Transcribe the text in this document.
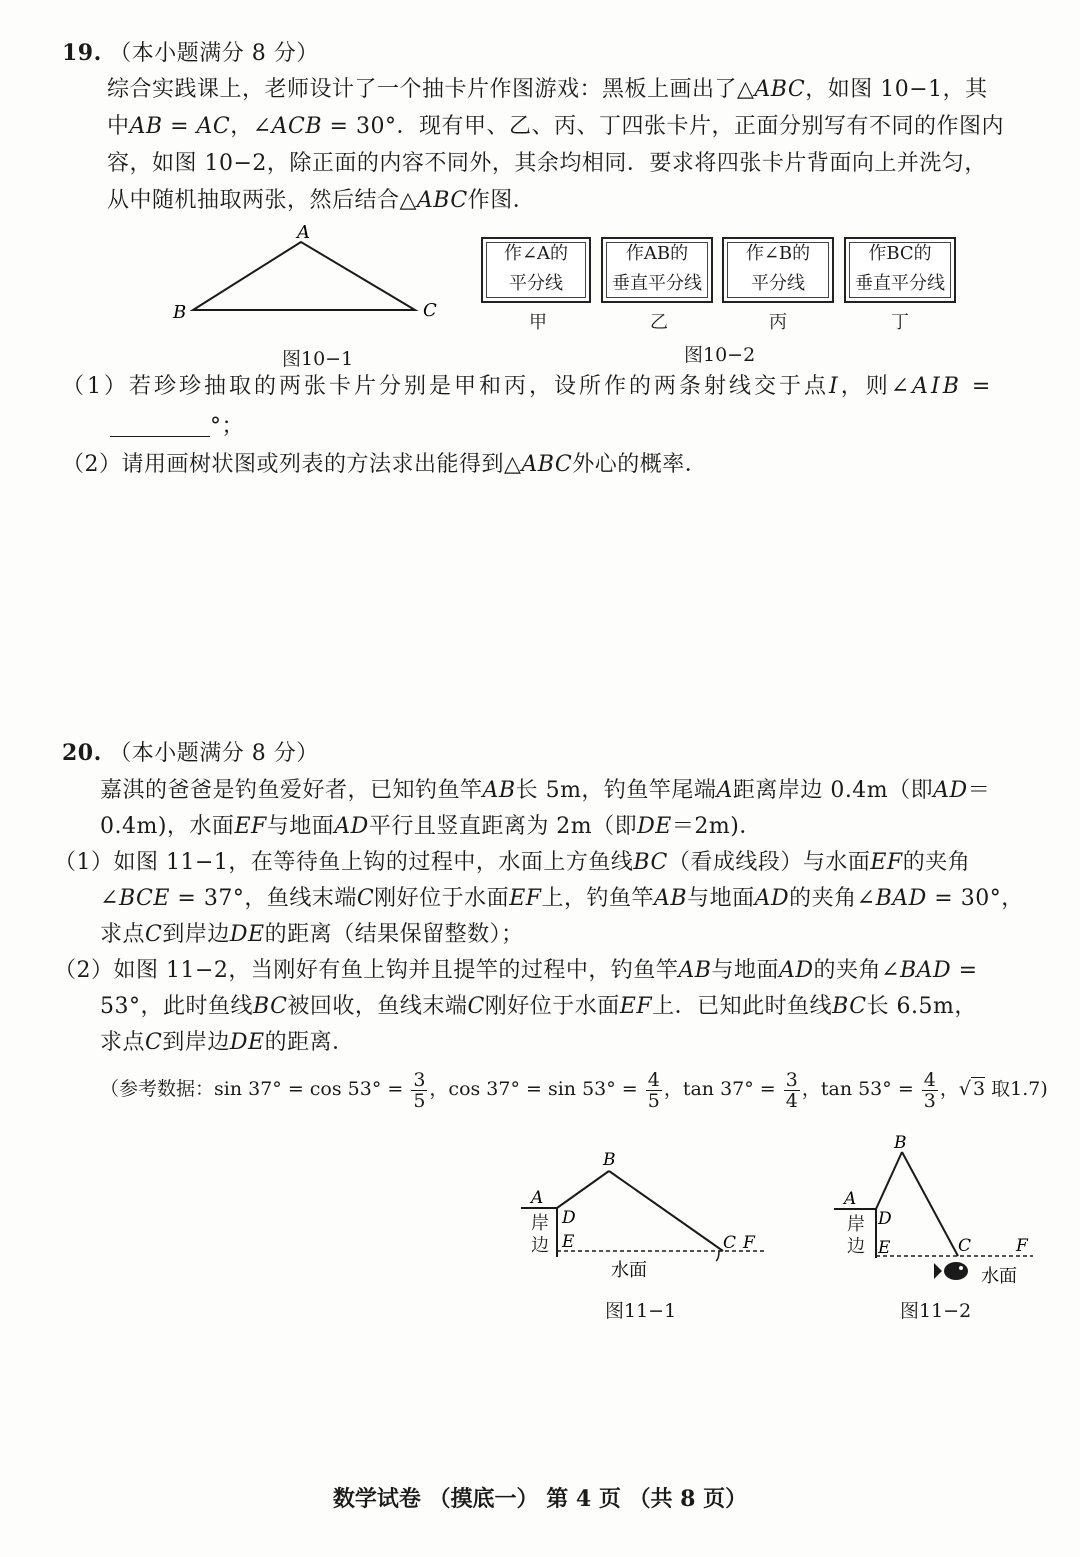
19. （本小题满分 8 分）
综合实践课上，老师设计了一个抽卡片作图游戏：黑板上画出了△ABC，如图 10−1，其
中AB = AC，∠ACB = 30°．现有甲、乙、丙、丁四张卡片，正面分别写有不同的作图内
容，如图 10−2，除正面的内容不同外，其余均相同．要求将四张卡片背面向上并洗匀，
从中随机抽取两张，然后结合△ABC作图．
A
B	C
图10−1
作∠A的
平分线
作AB的
垂直平分线
作∠B的
平分线
作BC的
垂直平分线
甲	乙	丙	丁
图10−2
（1）若珍珍抽取的两张卡片分别是甲和丙，设所作的两条射线交于点I，则∠AIB =
°；
（2）请用画树状图或列表的方法求出能得到△ABC外心的概率．
20. （本小题满分 8 分）
嘉淇的爸爸是钓鱼爱好者，已知钓鱼竿AB长 5m，钓鱼竿尾端A距离岸边 0.4m（即AD＝
0.4m)，水面EF与地面AD平行且竖直距离为 2m（即DE＝2m)．
（1）如图 11−1，在等待鱼上钩的过程中，水面上方鱼线BC（看成线段）与水面EF的夹角
∠BCE = 37°，鱼线末端C刚好位于水面EF上，钓鱼竿AB与地面AD的夹角∠BAD = 30°，
求点C到岸边DE的距离（结果保留整数）；
（2）如图 11−2，当刚好有鱼上钩并且提竿的过程中，钓鱼竿AB与地面AD的夹角∠BAD =
53°，此时鱼线BC被回收，鱼线末端C刚好位于水面EF上．已知此时鱼线BC长 6.5m，
求点C到岸边DE的距离．
（参考数据：$\sin 37^\circ = \cos 53^\circ = \frac{3}{5}$ ，$\cos 37^\circ = \sin 53^\circ = \frac{4}{5}$ ，$\tan 37^\circ = \frac{3}{4}$ ，$\tan 53^\circ = \frac{4}{3}$ ，√ 3 取1.7)
A
B
D
E	C F
水面
岸边
图11−1
A
B
D
E	C	F
水面
岸边
图11−2
数学试卷 （摸底一） 第 4 页 （共 8 页）
